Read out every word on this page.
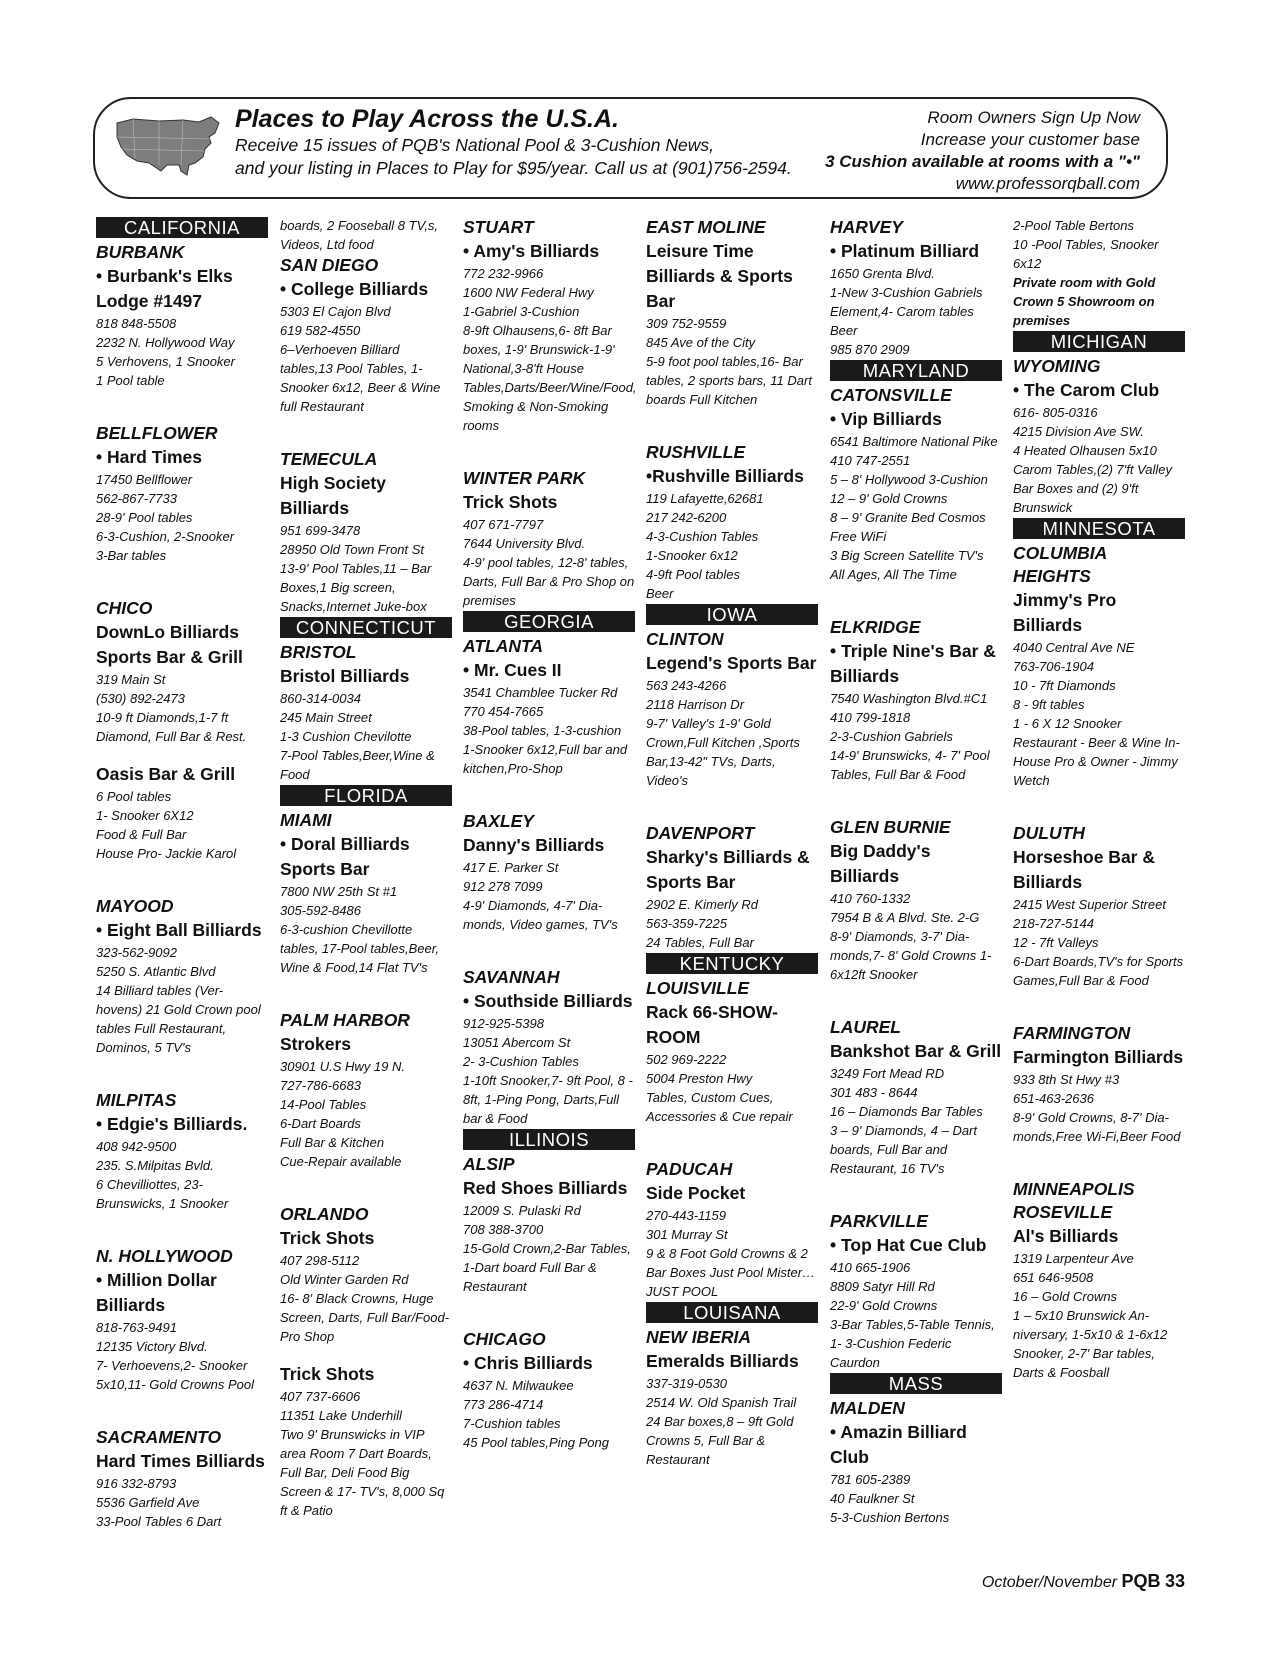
Places to Play Across the U.S.A.
Receive 15 issues of PQB's National Pool & 3-Cushion News,
and your listing in Places to Play for $95/year. Call us at (901)756-2594.
Room Owners Sign Up Now
Increase your customer base
3 Cushion available at rooms with a "•"
www.professorqball.com
CALIFORNIA
BURBANK
• Burbank's Elks Lodge #1497
818 848-5508
2232 N. Hollywood Way
5 Verhovens, 1 Snooker
1 Pool table
BELLFLOWER
• Hard Times
17450 Bellflower
562-867-7733
28-9' Pool tables
6-3-Cushion, 2-Snooker
3-Bar tables
CHICO
DownLo Billiards Sports Bar & Grill
319 Main St
(530) 892-2473
10-9 ft Diamonds,1-7 ft Diamond, Full Bar & Rest.
Oasis Bar & Grill
6 Pool tables
1- Snooker 6X12
Food & Full Bar
House Pro- Jackie Karol
MAYOOD
• Eight Ball Billiards
323-562-9092
5250 S. Atlantic Blvd
14 Billiard tables (Ver-hovens) 21 Gold Crown pool tables Full Restaurant, Dominos, 5 TV's
MILPITAS
• Edgie's Billiards.
408 942-9500
235. S.Milpitas Bvld.
6 Chevilliottes, 23-Brunswicks, 1 Snooker
N. HOLLYWOOD
• Million Dollar Billiards
818-763-9491
12135 Victory Blvd.
7- Verhoevens,2- Snooker 5x10,11- Gold Crowns Pool
SACRAMENTO
Hard Times Billiards
916 332-8793
5536 Garfield Ave
33-Pool Tables 6 Dart
boards, 2 Fooseball 8 TV,s, Videos, Ltd food
SAN DIEGO
• College Billiards
5303 El Cajon Blvd
619 582-4550
6–Verhoeven Billiard tables,13 Pool Tables, 1-Snooker 6x12, Beer & Wine full Restaurant
TEMECULA
High Society Billiards
951 699-3478
28950 Old Town Front St
13-9' Pool Tables,11 – Bar Boxes,1 Big screen, Snacks,Internet Juke-box
CONNECTICUT
BRISTOL
Bristol Billiards
860-314-0034
245 Main Street
1-3 Cushion Chevilotte
7-Pool Tables,Beer,Wine & Food
FLORIDA
MIAMI
• Doral Billiards Sports Bar
7800 NW 25th St #1
305-592-8486
6-3-cushion Chevillotte tables, 17-Pool tables,Beer, Wine & Food,14 Flat TV's
PALM HARBOR
Strokers
30901 U.S Hwy 19 N.
727-786-6683
14-Pool Tables
6-Dart Boards
Full Bar & Kitchen
Cue-Repair available
ORLANDO
Trick Shots
407 298-5112
Old Winter Garden Rd
16- 8' Black Crowns, Huge Screen, Darts, Full Bar/Food-Pro Shop
Trick Shots
407 737-6606
11351 Lake Underhill
Two 9' Brunswicks in VIP area Room 7 Dart Boards, Full Bar, Deli Food Big Screen & 17- TV's, 8,000 Sq ft & Patio
STUART
• Amy's Billiards
772 232-9966
1600 NW Federal Hwy
1-Gabriel 3-Cushion
8-9ft Olhausens,6- 8ft Bar boxes, 1-9' Brunswick-1-9' National,3-8'ft House Tables,Darts/Beer/Wine/Food, Smoking & Non-Smoking rooms
WINTER PARK
Trick Shots
407 671-7797
7644 University Blvd.
4-9' pool tables, 12-8' tables, Darts, Full Bar & Pro Shop on premises
GEORGIA
ATLANTA
• Mr. Cues II
3541 Chamblee Tucker Rd
770 454-7665
38-Pool tables, 1-3-cushion 1-Snooker 6x12,Full bar and kitchen,Pro-Shop
BAXLEY
Danny's Billiards
417 E. Parker St
912 278 7099
4-9' Diamonds, 4-7' Dia-monds, Video games, TV's
SAVANNAH
• Southside Billiards
912-925-5398
13051 Abercom St
2- 3-Cushion Tables
1-10ft Snooker,7- 9ft Pool, 8 - 8ft, 1-Ping Pong, Darts,Full bar & Food
ILLINOIS
ALSIP
Red Shoes Billiards
12009 S. Pulaski Rd
708 388-3700
15-Gold Crown,2-Bar Tables, 1-Dart board Full Bar & Restaurant
CHICAGO
• Chris Billiards
4637 N. Milwaukee
773 286-4714
7-Cushion tables
45 Pool tables,Ping Pong
EAST MOLINE
Leisure Time Billiards & Sports Bar
309 752-9559
845 Ave of the City
5-9 foot pool tables,16- Bar tables, 2 sports bars, 11 Dart boards Full Kitchen
RUSHVILLE
•Rushville Billiards
119 Lafayette,62681
217 242-6200
4-3-Cushion Tables
1-Snooker 6x12
4-9ft Pool tables
Beer
IOWA
CLINTON
Legend's Sports Bar
563 243-4266
2118 Harrison Dr
9-7' Valley's 1-9' Gold Crown,Full Kitchen ,Sports Bar,13-42" TVs, Darts, Video's
DAVENPORT
Sharky's Billiards & Sports Bar
2902 E. Kimerly Rd
563-359-7225
24 Tables, Full Bar
KENTUCKY
LOUISVILLE
Rack 66-SHOW-ROOM
502 969-2222
5004 Preston Hwy
Tables, Custom Cues, Accessories & Cue repair
PADUCAH
Side Pocket
270-443-1159
301 Murray St
9 & 8 Foot Gold Crowns & 2 Bar Boxes Just Pool Mister…JUST POOL
LOUISANA
NEW IBERIA
Emeralds Billiards
337-319-0530
2514 W. Old Spanish Trail
24 Bar boxes,8 – 9ft Gold Crowns 5, Full Bar & Restaurant
HARVEY
• Platinum Billiard
1650 Grenta Blvd.
1-New 3-Cushion Gabriels Element,4- Carom tables Beer
985 870 2909
MARYLAND
CATONSVILLE
• Vip Billiards
6541 Baltimore National Pike
410 747-2551
5 – 8' Hollywood 3-Cushion
12 – 9' Gold Crowns
8 – 9' Granite Bed Cosmos
Free WiFi
3 Big Screen Satellite TV's
All Ages, All The Time
ELKRIDGE
• Triple Nine's Bar & Billiards
7540 Washington Blvd.#C1
410 799-1818
2-3-Cushion Gabriels
14-9' Brunswicks, 4- 7' Pool Tables, Full Bar & Food
GLEN BURNIE
Big Daddy's Billiards
410 760-1332
7954 B & A Blvd. Ste. 2-G
8-9' Diamonds, 3-7' Dia-monds,7- 8' Gold Crowns 1-6x12ft Snooker
LAUREL
Bankshot Bar & Grill
3249 Fort Mead RD
301 483 - 8644
16 – Diamonds Bar Tables
3 – 9' Diamonds, 4 – Dart boards, Full Bar and Restaurant, 16 TV's
PARKVILLE
• Top Hat Cue Club
410 665-1906
8809 Satyr Hill Rd
22-9' Gold Crowns
3-Bar Tables,5-Table Tennis, 1- 3-Cushion Federic Caurdon
MASS
MALDEN
• Amazin Billiard Club
781 605-2389
40 Faulkner St
5-3-Cushion Bertons
2-Pool Table Bertons
10 -Pool Tables, Snooker 6x12
Private room with Gold Crown 5 Showroom on premises
MICHIGAN
WYOMING
• The Carom Club
616- 805-0316
4215 Division Ave SW.
4 Heated Olhausen 5x10 Carom Tables,(2) 7'ft Valley Bar Boxes and (2) 9'ft Brunswick
MINNESOTA
COLUMBIA HEIGHTS
Jimmy's Pro Billiards
4040 Central Ave NE
763-706-1904
10 - 7ft Diamonds
8 - 9ft tables
1 - 6 X 12 Snooker
Restaurant - Beer & Wine In-House Pro & Owner - Jimmy Wetch
DULUTH
Horseshoe Bar & Billiards
2415 West Superior Street
218-727-5144
12 - 7ft Valleys
6-Dart Boards,TV's for Sports Games,Full Bar & Food
FARMINGTON
Farmington Billiards
933 8th St Hwy #3
651-463-2636
8-9' Gold Crowns, 8-7' Dia-monds,Free Wi-Fi,Beer Food
MINNEAPOLIS ROSEVILLE
Al's Billiards
1319 Larpenteur Ave
651 646-9508
16 – Gold Crowns
1 – 5x10 Brunswick An-niversary, 1-5x10 & 1-6x12 Snooker, 2-7' Bar tables, Darts & Foosball
October/November PQB 33
